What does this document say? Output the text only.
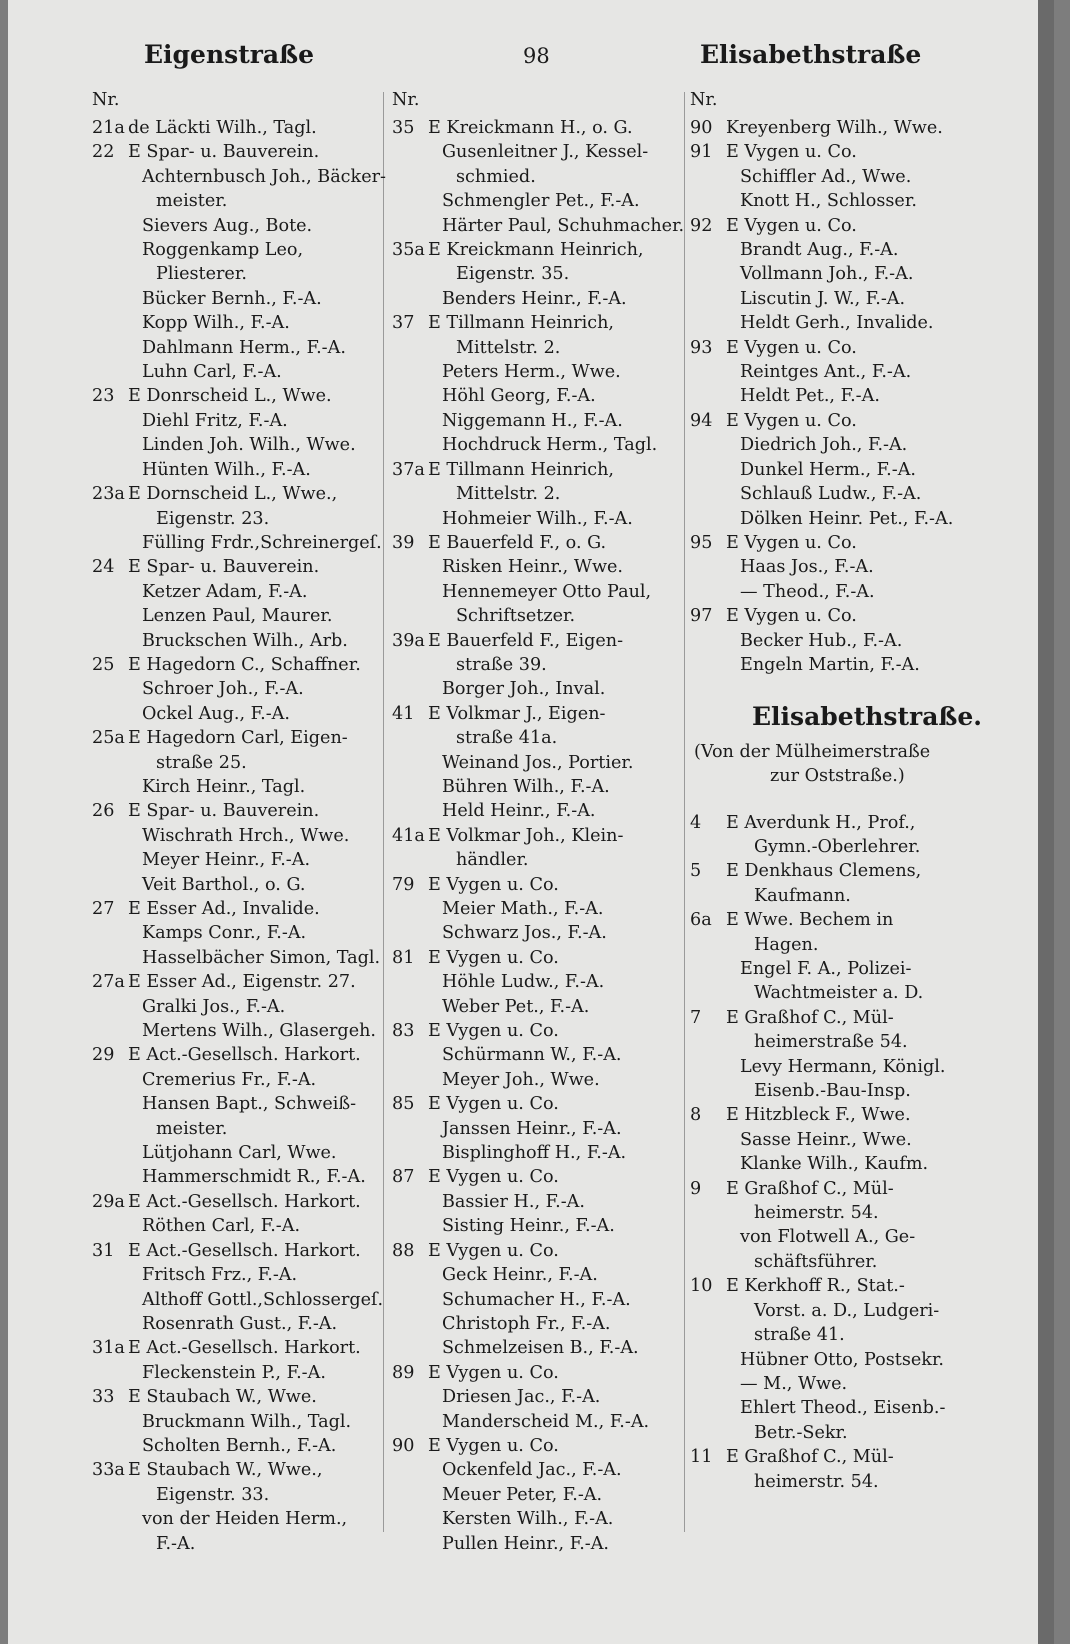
Eigenstraße	98	Elisabethstraße
Nr.
21a de Läckti Wilh., Tagl.
22 E Spar- u. Bauverein.
Achternbusch Joh., Bäcker-
meister.
Sievers Aug., Bote.
Roggenkamp Leo,
Pliesterer.
Bücker Bernh., F.-A.
Kopp Wilh., F.-A.
Dahlmann Herm., F.-A.
Luhn Carl, F.-A.
23 E Donrscheid L., Wwe.
Diehl Fritz, F.-A.
Linden Joh. Wilh., Wwe.
Hünten Wilh., F.-A.
23a E Dornscheid L., Wwe.,
Eigenstr. 23.
Fülling Frdr.,Schreinergeſ.
24 E Spar- u. Bauverein.
Ketzer Adam, F.-A.
Lenzen Paul, Maurer.
Bruckschen Wilh., Arb.
25 E Hagedorn C., Schaffner.
Schroer Joh., F.-A.
Ockel Aug., F.-A.
25a E Hagedorn Carl, Eigen-
straße 25.
Kirch Heinr., Tagl.
26 E Spar- u. Bauverein.
Wischrath Hrch., Wwe.
Meyer Heinr., F.-A.
Veit Barthol., o. G.
27 E Esser Ad., Invalide.
Kamps Conr., F.-A.
Hasselbächer Simon, Tagl.
27a E Esser Ad., Eigenstr. 27.
Gralki Jos., F.-A.
Mertens Wilh., Glasergeh.
29 E Act.-Gesellsch. Harkort.
Cremerius Fr., F.-A.
Hansen Bapt., Schweiß-
meister.
Lütjohann Carl, Wwe.
Hammerschmidt R., F.-A.
29a E Act.-Gesellsch. Harkort.
Röthen Carl, F.-A.
31 E Act.-Gesellsch. Harkort.
Fritsch Frz., F.-A.
Althoff Gottl.,Schlossergeſ.
Rosenrath Gust., F.-A.
31a E Act.-Gesellsch. Harkort.
Fleckenstein P., F.-A.
33 E Staubach W., Wwe.
Bruckmann Wilh., Tagl.
Scholten Bernh., F.-A.
33a E Staubach W., Wwe.,
Eigenstr. 33.
von der Heiden Herm.,
F.-A.
Nr.
35 E Kreickmann H., o. G.
Gusenleitner J., Kessel-
schmied.
Schmengler Pet., F.-A.
Härter Paul, Schuhmacher.
35a E Kreickmann Heinrich,
Eigenstr. 35.
Benders Heinr., F.-A.
37 E Tillmann Heinrich,
Mittelstr. 2.
Peters Herm., Wwe.
Höhl Georg, F.-A.
Niggemann H., F.-A.
Hochdruck Herm., Tagl.
37a E Tillmann Heinrich,
Mittelstr. 2.
Hohmeier Wilh., F.-A.
39 E Bauerfeld F., o. G.
Risken Heinr., Wwe.
Hennemeyer Otto Paul,
Schriftsetzer.
39a E Bauerfeld F., Eigen-
straße 39.
Borger Joh., Inval.
41 E Volkmar J., Eigen-
straße 41a.
Weinand Jos., Portier.
Bühren Wilh., F.-A.
Held Heinr., F.-A.
41a E Volkmar Joh., Klein-
händler.
79 E Vygen u. Co.
Meier Math., F.-A.
Schwarz Jos., F.-A.
81 E Vygen u. Co.
Höhle Ludw., F.-A.
Weber Pet., F.-A.
83 E Vygen u. Co.
Schürmann W., F.-A.
Meyer Joh., Wwe.
85 E Vygen u. Co.
Janssen Heinr., F.-A.
Bisplinghoff H., F.-A.
87 E Vygen u. Co.
Bassier H., F.-A.
Sisting Heinr., F.-A.
88 E Vygen u. Co.
Geck Heinr., F.-A.
Schumacher H., F.-A.
Christoph Fr., F.-A.
Schmelzeisen B., F.-A.
89 E Vygen u. Co.
Driesen Jac., F.-A.
Manderscheid M., F.-A.
90 E Vygen u. Co.
Ockenfeld Jac., F.-A.
Meuer Peter, F.-A.
Kersten Wilh., F.-A.
Pullen Heinr., F.-A.
Nr.
90 Kreyenberg Wilh., Wwe.
91 E Vygen u. Co.
Schiffler Ad., Wwe.
Knott H., Schlosser.
92 E Vygen u. Co.
Brandt Aug., F.-A.
Vollmann Joh., F.-A.
Liscutin J. W., F.-A.
Heldt Gerh., Invalide.
93 E Vygen u. Co.
Reintges Ant., F.-A.
Heldt Pet., F.-A.
94 E Vygen u. Co.
Diedrich Joh., F.-A.
Dunkel Herm., F.-A.
Schlauß Ludw., F.-A.
Dölken Heinr. Pet., F.-A.
95 E Vygen u. Co.
Haas Jos., F.-A.
— Theod., F.-A.
97 E Vygen u. Co.
Becker Hub., F.-A.
Engeln Martin, F.-A.
Elisabethstraße.
(Von der Mülheimerstraße
zur Oststraße.)
4	E Averdunk H., Prof.,
Gymn.-Oberlehrer.
5	E Denkhaus Clemens,
Kaufmann.
6a E Wwe. Bechem in
Hagen.
Engel F. A., Polizei-
Wachtmeister a. D.
7	E Graßhof C., Mül-
heimerstraße 54.
Levy Hermann, Königl.
Eisenb.-Bau-Insp.
8	E Hitzbleck F., Wwe.
Sasse Heinr., Wwe.
Klanke Wilh., Kaufm.
9	E Graßhof C., Mül-
heimerstr. 54.
von Flotwell A., Ge-
schäftsführer.
10 E Kerkhoff R., Stat.-
Vorst. a. D., Ludgeri-
straße 41.
Hübner Otto, Postsekr.
— M., Wwe.
Ehlert Theod., Eisenb.-
Betr.-Sekr.
11 E Graßhof C., Mül-
heimerstr. 54.
